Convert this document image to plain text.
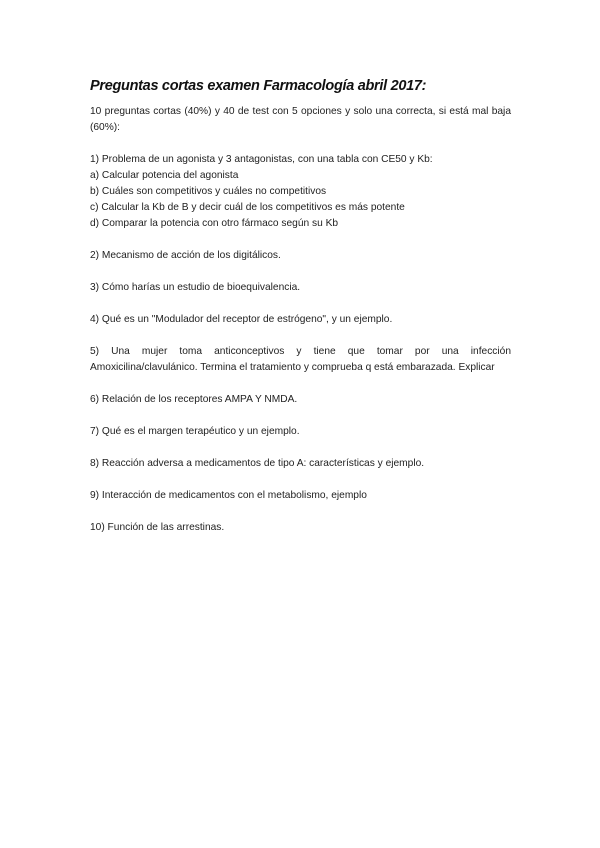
Preguntas cortas examen Farmacología abril 2017:

10 preguntas cortas (40%) y 40 de test con 5 opciones y solo una correcta, si está mal baja (60%):

1) Problema de un agonista y 3 antagonistas, con una tabla con CE50 y Kb:

a) Calcular potencia del agonista

b) Cuáles son competitivos y cuáles no competitivos

c) Calcular la Kb de B y decir cuál de los competitivos es más potente

d) Comparar la potencia con otro fármaco según su Kb

2) Mecanismo de acción de los digitálicos.

3) Cómo harías un estudio de bioequivalencia.

4) Qué es un "Modulador del receptor de estrógeno", y un ejemplo.

5) Una mujer toma anticonceptivos y tiene que tomar por una infección Amoxicilina/clavulánico. Termina el tratamiento y comprueba q está embarazada. Explicar

6) Relación de los receptores AMPA Y NMDA.

7) Qué es el margen terapéutico y un ejemplo.

8) Reacción adversa a medicamentos de tipo A: características y ejemplo.

9) Interacción de medicamentos con el metabolismo, ejemplo

10) Función de las arrestinas.
